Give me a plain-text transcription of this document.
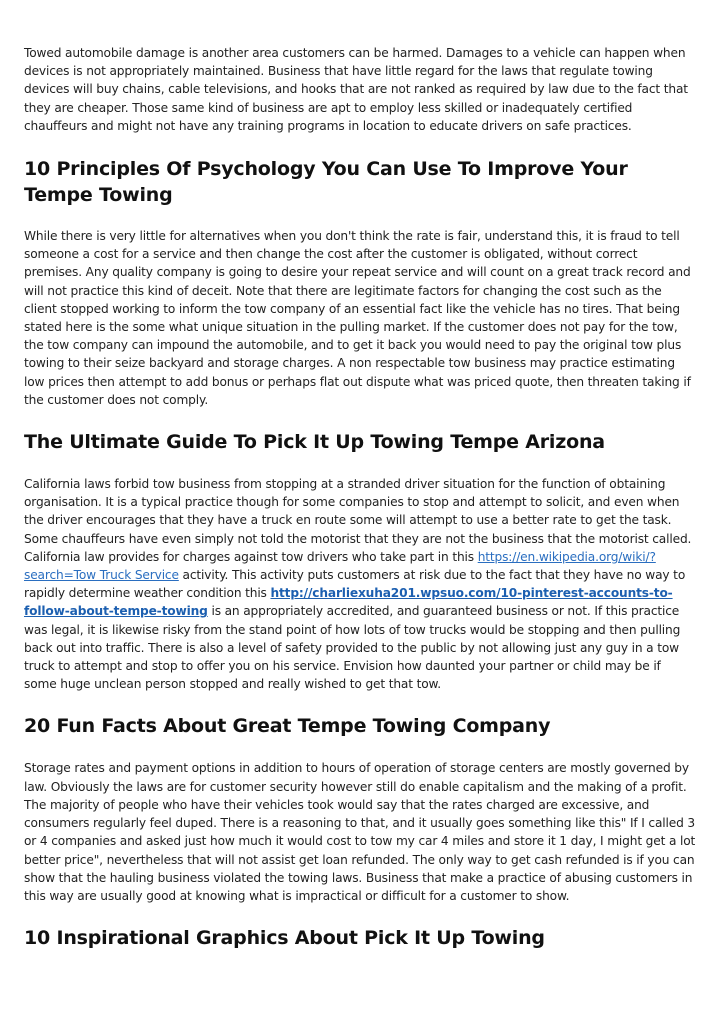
Towed automobile damage is another area customers can be harmed. Damages to a vehicle can happen when devices is not appropriately maintained. Business that have little regard for the laws that regulate towing devices will buy chains, cable televisions, and hooks that are not ranked as required by law due to the fact that they are cheaper. Those same kind of business are apt to employ less skilled or inadequately certified chauffeurs and might not have any training programs in location to educate drivers on safe practices.

10 Principles Of Psychology You Can Use To Improve Your Tempe Towing

While there is very little for alternatives when you don't think the rate is fair, understand this, it is fraud to tell someone a cost for a service and then change the cost after the customer is obligated, without correct premises. Any quality company is going to desire your repeat service and will count on a great track record and will not practice this kind of deceit. Note that there are legitimate factors for changing the cost such as the client stopped working to inform the tow company of an essential fact like the vehicle has no tires. That being stated here is the some what unique situation in the pulling market. If the customer does not pay for the tow, the tow company can impound the automobile, and to get it back you would need to pay the original tow plus towing to their seize backyard and storage charges. A non respectable tow business may practice estimating low prices then attempt to add bonus or perhaps flat out dispute what was priced quote, then threaten taking if the customer does not comply.

The Ultimate Guide To Pick It Up Towing Tempe Arizona

California laws forbid tow business from stopping at a stranded driver situation for the function of obtaining organisation. It is a typical practice though for some companies to stop and attempt to solicit, and even when the driver encourages that they have a truck en route some will attempt to use a better rate to get the task. Some chauffeurs have even simply not told the motorist that they are not the business that the motorist called. California law provides for charges against tow drivers who take part in this https://en.wikipedia.org/wiki/?search=Tow Truck Service activity. This activity puts customers at risk due to the fact that they have no way to rapidly determine weather condition this http://charliexuha201.wpsuo.com/10-pinterest-accounts-to-follow-about-tempe-towing is an appropriately accredited, and guaranteed business or not. If this practice was legal, it is likewise risky from the stand point of how lots of tow trucks would be stopping and then pulling back out into traffic. There is also a level of safety provided to the public by not allowing just any guy in a tow truck to attempt and stop to offer you on his service. Envision how daunted your partner or child may be if some huge unclean person stopped and really wished to get that tow.

20 Fun Facts About Great Tempe Towing Company

Storage rates and payment options in addition to hours of operation of storage centers are mostly governed by law. Obviously the laws are for customer security however still do enable capitalism and the making of a profit. The majority of people who have their vehicles took would say that the rates charged are excessive, and consumers regularly feel duped. There is a reasoning to that, and it usually goes something like this" If I called 3 or 4 companies and asked just how much it would cost to tow my car 4 miles and store it 1 day, I might get a lot better price", nevertheless that will not assist get loan refunded. The only way to get cash refunded is if you can show that the hauling business violated the towing laws. Business that make a practice of abusing customers in this way are usually good at knowing what is impractical or difficult for a customer to show.

10 Inspirational Graphics About Pick It Up Towing
